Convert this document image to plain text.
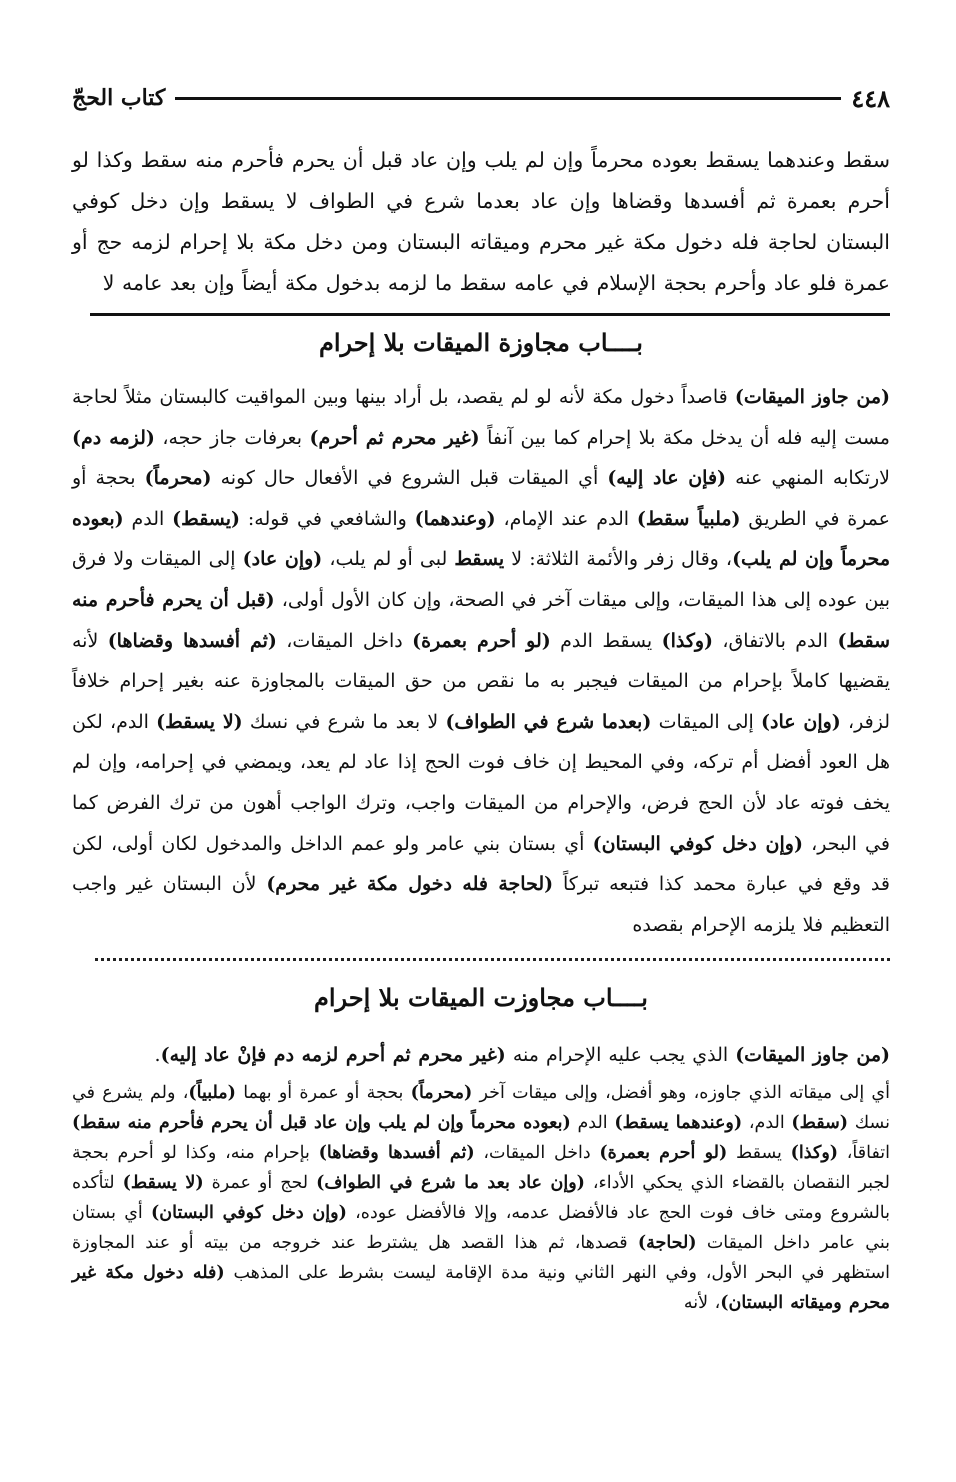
٤٤٨
كتاب الحجّ

سقط وعندهما يسقط بعوده محرماً وإن لم يلب وإن عاد قبل أن يحرم فأحرم منه سقط وكذا لو أحرم بعمرة ثم أفسدها وقضاها وإن عاد بعدما شرع في الطواف لا يسقط وإن دخل كوفي البستان لحاجة فله دخول مكة غير محرم وميقاته البستان ومن دخل مكة بلا إحرام لزمه حج أو عمرة فلو عاد وأحرم بحجة الإسلام في عامه سقط ما لزمه بدخول مكة أيضاً وإن بعد عامه لا

بــــاب مجاوزة الميقات بلا إحرام

(من جاوز الميقات) قاصداً دخول مكة لأنه لو لم يقصد، بل أراد بينها وبين المواقيت كالبستان مثلاً لحاجة مست إليه فله أن يدخل مكة بلا إحرام كما بين آنفاً (غير محرم ثم أحرم) بعرفات جاز حجه، (لزمه دم) لارتكابه المنهي عنه (فإن عاد إليه) أي الميقات قبل الشروع في الأفعال حال كونه (محرماً) بحجة أو عمرة في الطريق (ملبياً سقط) الدم عند الإمام، (وعندهما) والشافعي في قوله: (يسقط) الدم (بعوده محرماً وإن لم يلب)، وقال زفر والأئمة الثلاثة: لا يسقط لبى أو لم يلب، (وإن عاد) إلى الميقات ولا فرق بين عوده إلى هذا الميقات، وإلى ميقات آخر في الصحة، وإن كان الأول أولى، (قبل أن يحرم فأحرم منه سقط) الدم بالاتفاق، (وكذا) يسقط الدم (لو أحرم بعمرة) داخل الميقات، (ثم أفسدها وقضاها) لأنه يقضيها كاملاً بإحرام من الميقات فيجبر به ما نقص من حق الميقات بالمجاوزة عنه بغير إحرام خلافاً لزفر، (وإن عاد) إلى الميقات (بعدما شرع في الطواف) لا بعد ما شرع في نسك (لا يسقط) الدم، لكن هل العود أفضل أم تركه، وفي المحيط إن خاف فوت الحج إذا عاد لم يعد، ويمضي في إحرامه، وإن لم يخف فوته عاد لأن الحج فرض، والإحرام من الميقات واجب، وترك الواجب أهون من ترك الفرض كما في البحر، (وإن دخل كوفي البستان) أي بستان بني عامر ولو عمم الداخل والمدخول لكان أولى، لكن قد وقع في عبارة محمد كذا فتبعه تبركاً (لحاجة فله دخول مكة غير محرم) لأن البستان غير واجب التعظيم فلا يلزمه الإحرام بقصده

بــــاب مجاوزت الميقات بلا إحرام

(من جاوز الميقات) الذي يجب عليه الإحرام منه (غير محرم ثم أحرم لزمه دم فإنْ عاد إليه).

أي إلى ميقاته الذي جاوزه، وهو أفضل، وإلى ميقات آخر (محرماً) بحجة أو عمرة أو بهما (ملبياً)، ولم يشرع في نسك (سقط) الدم، (وعندهما يسقط) الدم (بعوده محرماً وإن لم يلب وإن عاد قبل أن يحرم فأحرم منه سقط) اتفاقاً، (وكذا) يسقط (لو أحرم بعمرة) داخل الميقات، (ثم أفسدها وقضاها) بإحرام منه، وكذا لو أحرم بحجة لجبر النقصان بالقضاء الذي يحكي الأداء، (وإن عاد بعد ما شرع في الطواف) لحج أو عمرة (لا يسقط) لتأكده بالشروع ومتى خاف فوت الحج عاد فالأفضل عدمه، وإلا فالأفضل عوده، (وإن دخل كوفي البستان) أي بستان بني عامر داخل الميقات (لحاجة) قصدها، ثم هذا القصد هل يشترط عند خروجه من بيته أو عند المجاوزة استظهر في البحر الأول، وفي النهر الثاني ونية مدة الإقامة ليست بشرط على المذهب (فله دخول مكة غير محرم وميقاته البستان)، لأنه
